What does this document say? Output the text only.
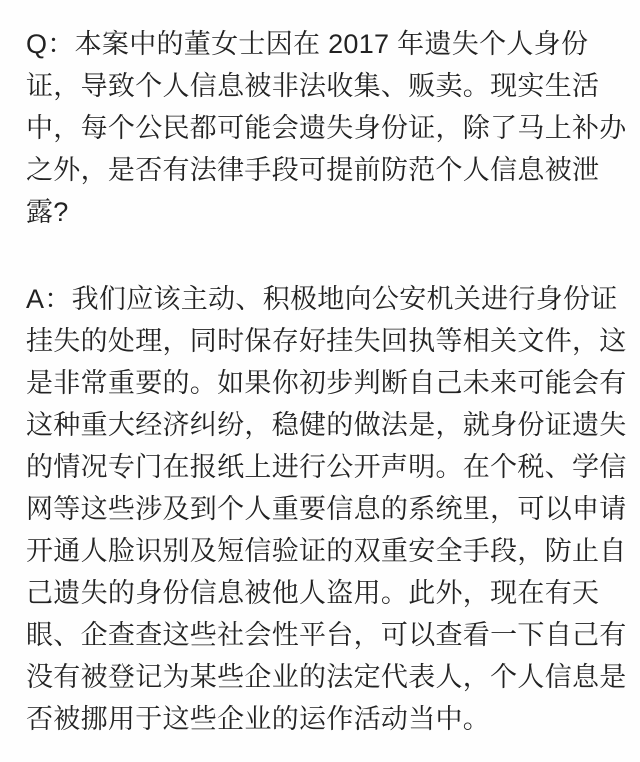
Q：本案中的董女士因在 2017 年遗失个人身份
证，导致个人信息被非法收集、贩卖。现实生活
中，每个公民都可能会遗失身份证，除了马上补办
之外，是否有法律手段可提前防范个人信息被泄
露?
A：我们应该主动、积极地向公安机关进行身份证
挂失的处理，同时保存好挂失回执等相关文件，这
是非常重要的。如果你初步判断自己未来可能会有
这种重大经济纠纷，稳健的做法是，就身份证遗失
的情况专门在报纸上进行公开声明。在个税、学信
网等这些涉及到个人重要信息的系统里，可以申请
开通人脸识别及短信验证的双重安全手段，防止自
己遗失的身份信息被他人盗用。此外，现在有天
眼、企查查这些社会性平台，可以查看一下自己有
没有被登记为某些企业的法定代表人，个人信息是
否被挪用于这些企业的运作活动当中。
